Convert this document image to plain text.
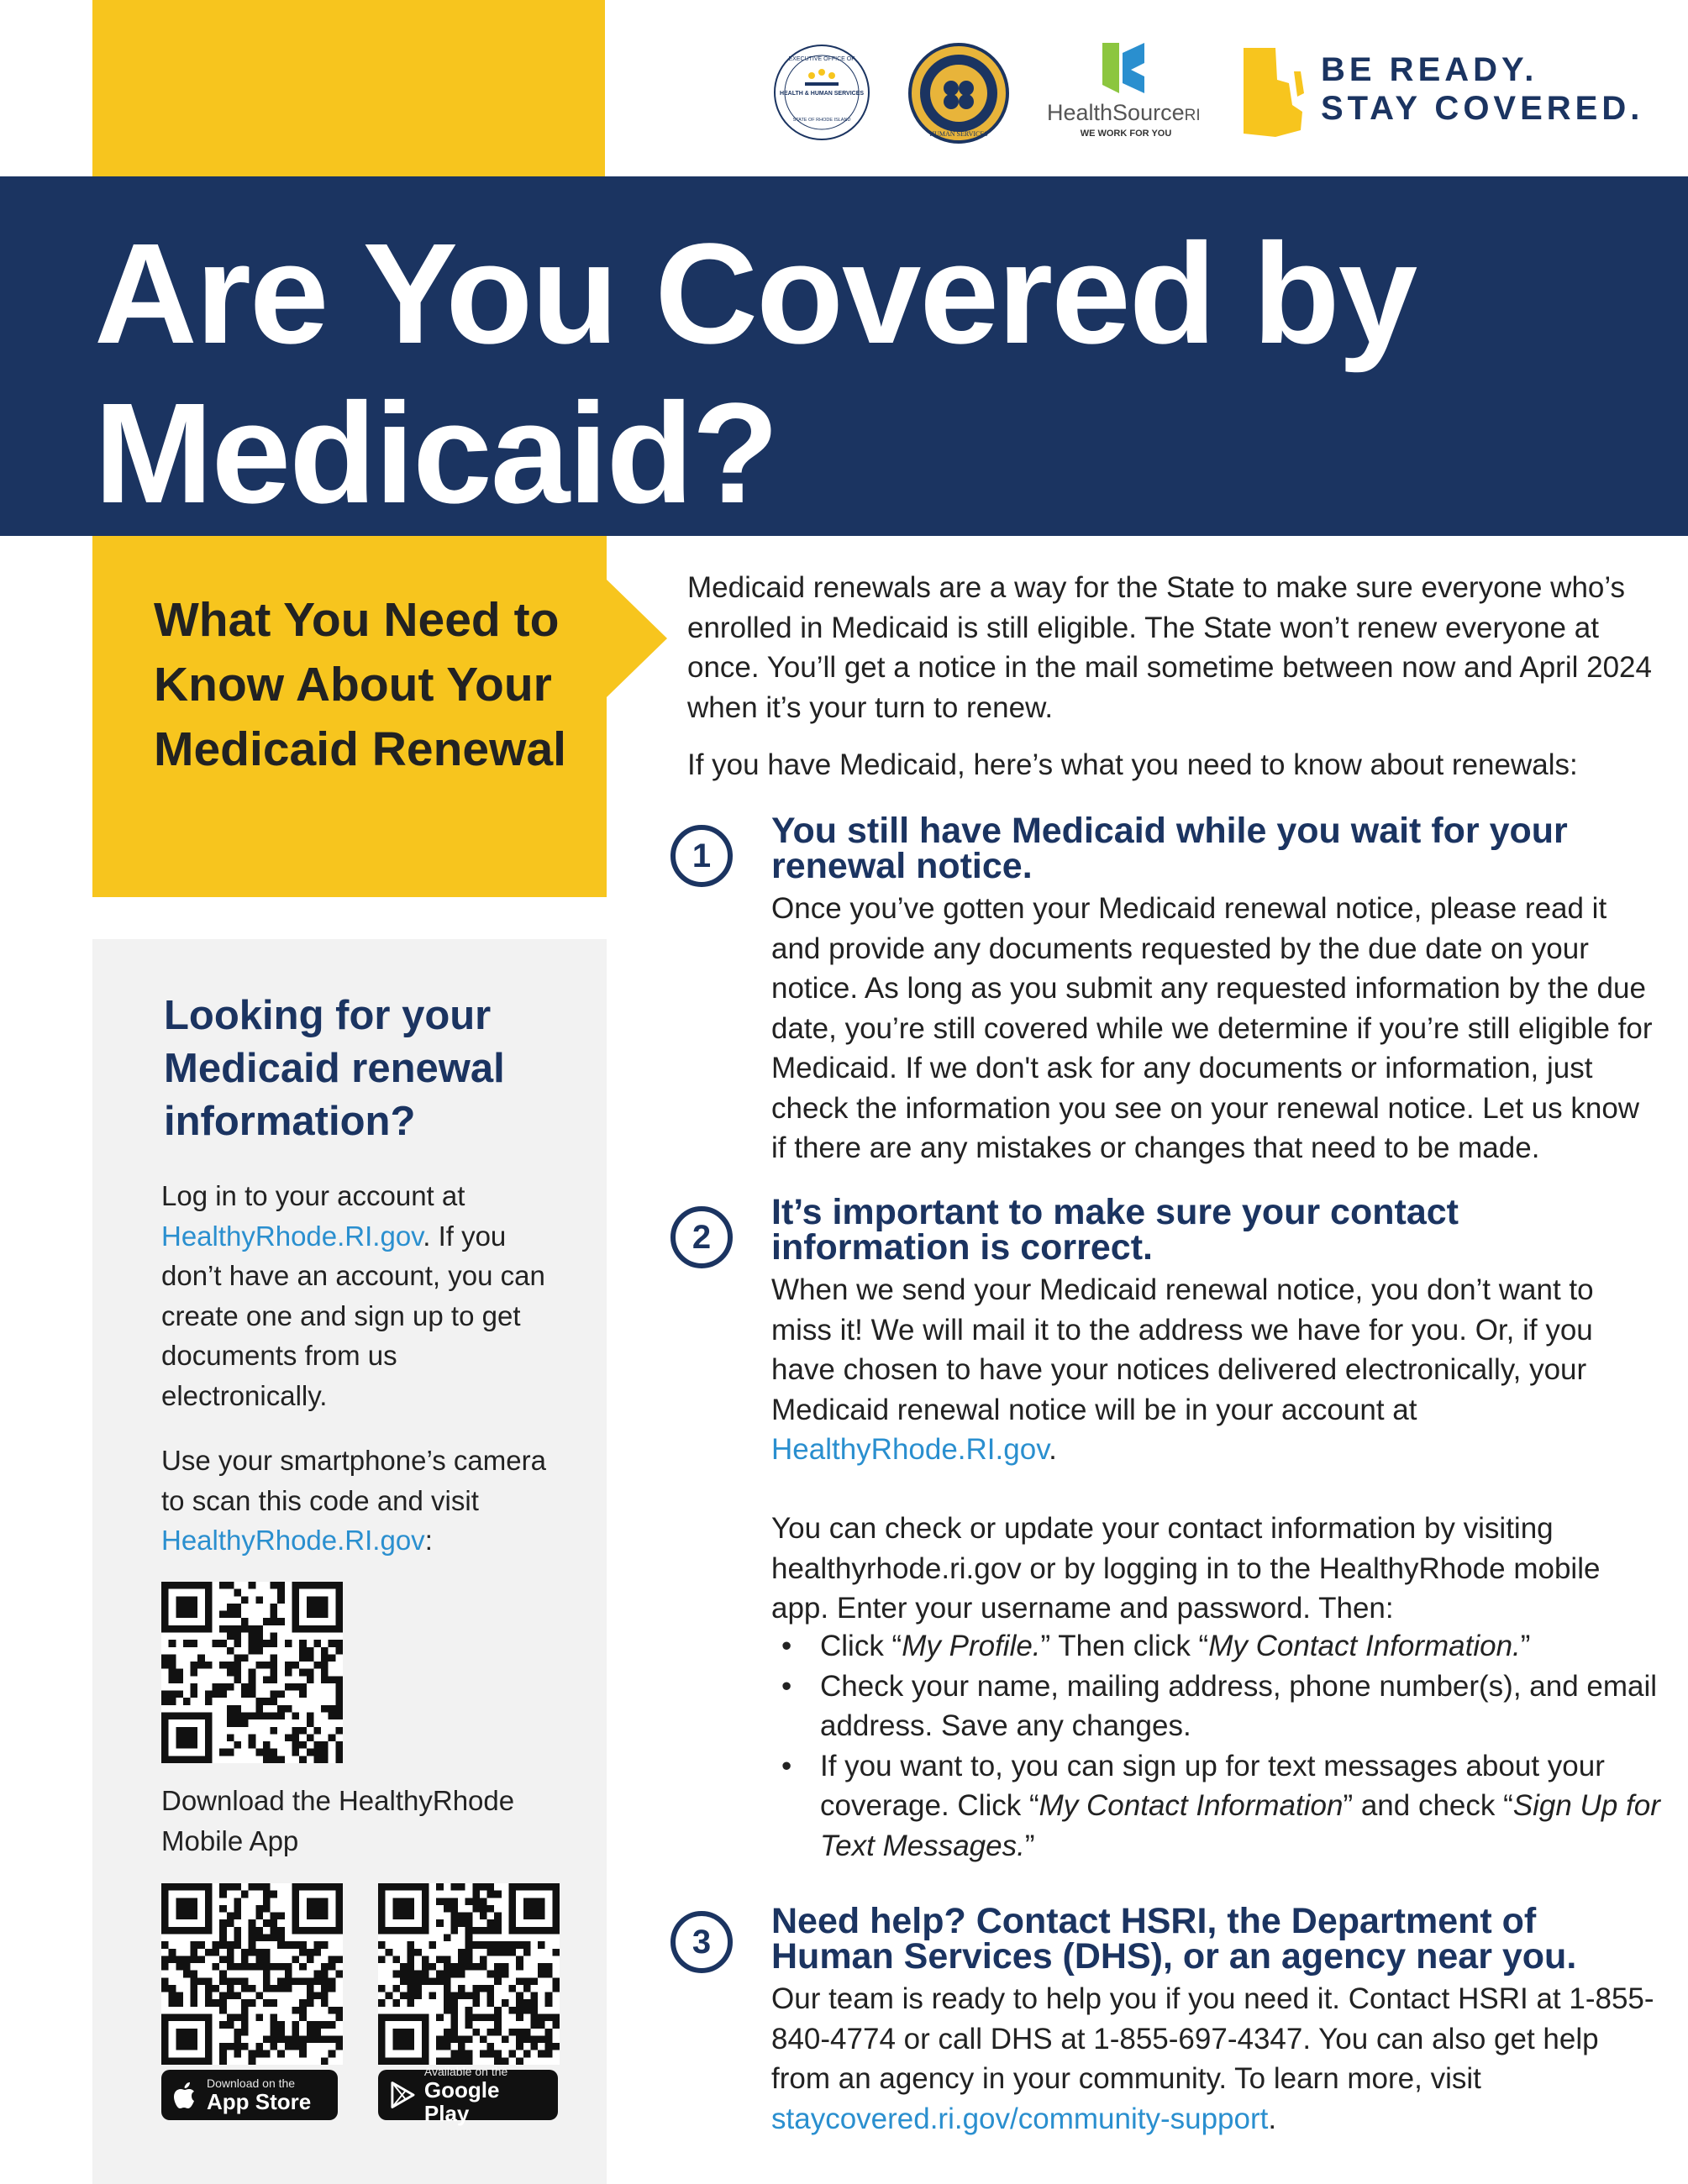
EXECUTIVE OFFICE OF
HEALTH & HUMAN SERVICES
STATE OF RHODE ISLAND
HUMAN SERVICES
HealthSourceRI
WE WORK FOR YOU
BE READY.
STAY COVERED.
Are You Covered by
Medicaid?
What You Need to Know About Your Medicaid Renewal
Looking for your Medicaid renewal information?

Log in to your account at HealthyRhode.RI.gov. If you don’t have an account, you can create one and sign up to get documents from us electronically.

Use your smartphone’s camera to scan this code and visit HealthyRhode.RI.gov:

Download the HealthyRhode Mobile App

Download on the
App Store
Available on the
Google Play

Medicaid renewals are a way for the State to make sure everyone who’s enrolled in Medicaid is still eligible. The State won’t renew everyone at once. You’ll get a notice in the mail sometime between now and April 2024 when it’s your turn to renew.

If you have Medicaid, here’s what you need to know about renewals:

1
You still have Medicaid while you wait for your renewal notice.

Once you’ve gotten your Medicaid renewal notice, please read it and provide any documents requested by the due date on your notice. As long as you submit any requested information by the due date, you’re still covered while we determine if you’re still eligible for Medicaid. If we don't ask for any documents or information, just check the information you see on your renewal notice. Let us know if there are any mistakes or changes that need to be made.

2
It’s important to make sure your contact information is correct.

When we send your Medicaid renewal notice, you don’t want to miss it! We will mail it to the address we have for you. Or, if you have chosen to have your notices delivered electronically, your Medicaid renewal notice will be in your account at HealthyRhode.RI.gov.

You can check or update your contact information by visiting healthyrhode.ri.gov or by logging in to the HealthyRhode mobile app. Enter your username and password. Then:

• Click “My Profile.” Then click “My Contact Information.”
• Check your name, mailing address, phone number(s), and email address. Save any changes.
• If you want to, you can sign up for text messages about your coverage. Click “My Contact Information” and check “Sign Up for Text Messages.”
3
Need help? Contact HSRI, the Department of Human Services (DHS), or an agency near you.

Our team is ready to help you if you need it. Contact HSRI at 1-855-840-4774 or call DHS at 1-855-697-4347. You can also get help from an agency in your community. To learn more, visit staycovered.ri.gov/community-support.
